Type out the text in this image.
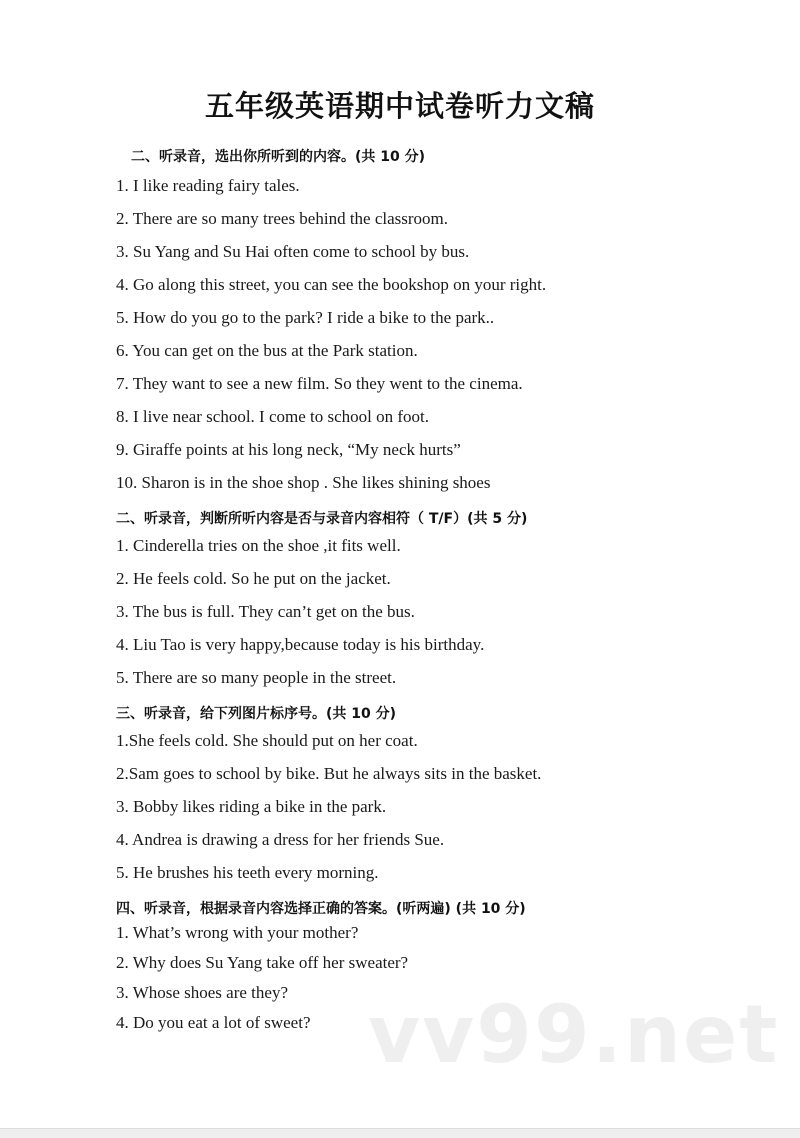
五年级英语期中试卷听力文稿
二、听录音，选出你所听到的内容。(共 10 分)
1. I like reading fairy tales.
2. There are so many trees behind the classroom.
3. Su Yang and Su Hai often come to school by bus.
4. Go along this street, you can see the bookshop on your right.
5. How do you go to the park? I ride a bike to the park..
6. You can get on the bus at the Park station.
7. They want to see a new film. So they went to the cinema.
8. I live near school. I come to school on foot.
9. Giraffe points at his long neck, “My neck hurts”
10. Sharon is in the shoe shop . She likes shining shoes
二、听录音，判断所听内容是否与录音内容相符（ T/F）(共 5 分)
1. Cinderella tries on the shoe ,it fits well.
2. He feels cold. So he put on the jacket.
3. The bus is full. They can’t get on the bus.
4. Liu Tao is very happy,because today is his birthday.
5. There are so many people in the street.
三、听录音，给下列图片标序号。(共 10 分)
1.She feels cold. She should put on her coat.
2.Sam goes to school by bike. But he always sits in the basket.
3. Bobby likes riding a bike in the park.
4. Andrea is drawing a dress for her friends Sue.
5. He brushes his teeth every morning.
四、听录音，根据录音内容选择正确的答案。(听两遍) (共 10 分)
1. What’s wrong with your mother?
2. Why does Su Yang take off her sweater?
3. Whose shoes are they?
4. Do you eat a lot of sweet? vv99.net
